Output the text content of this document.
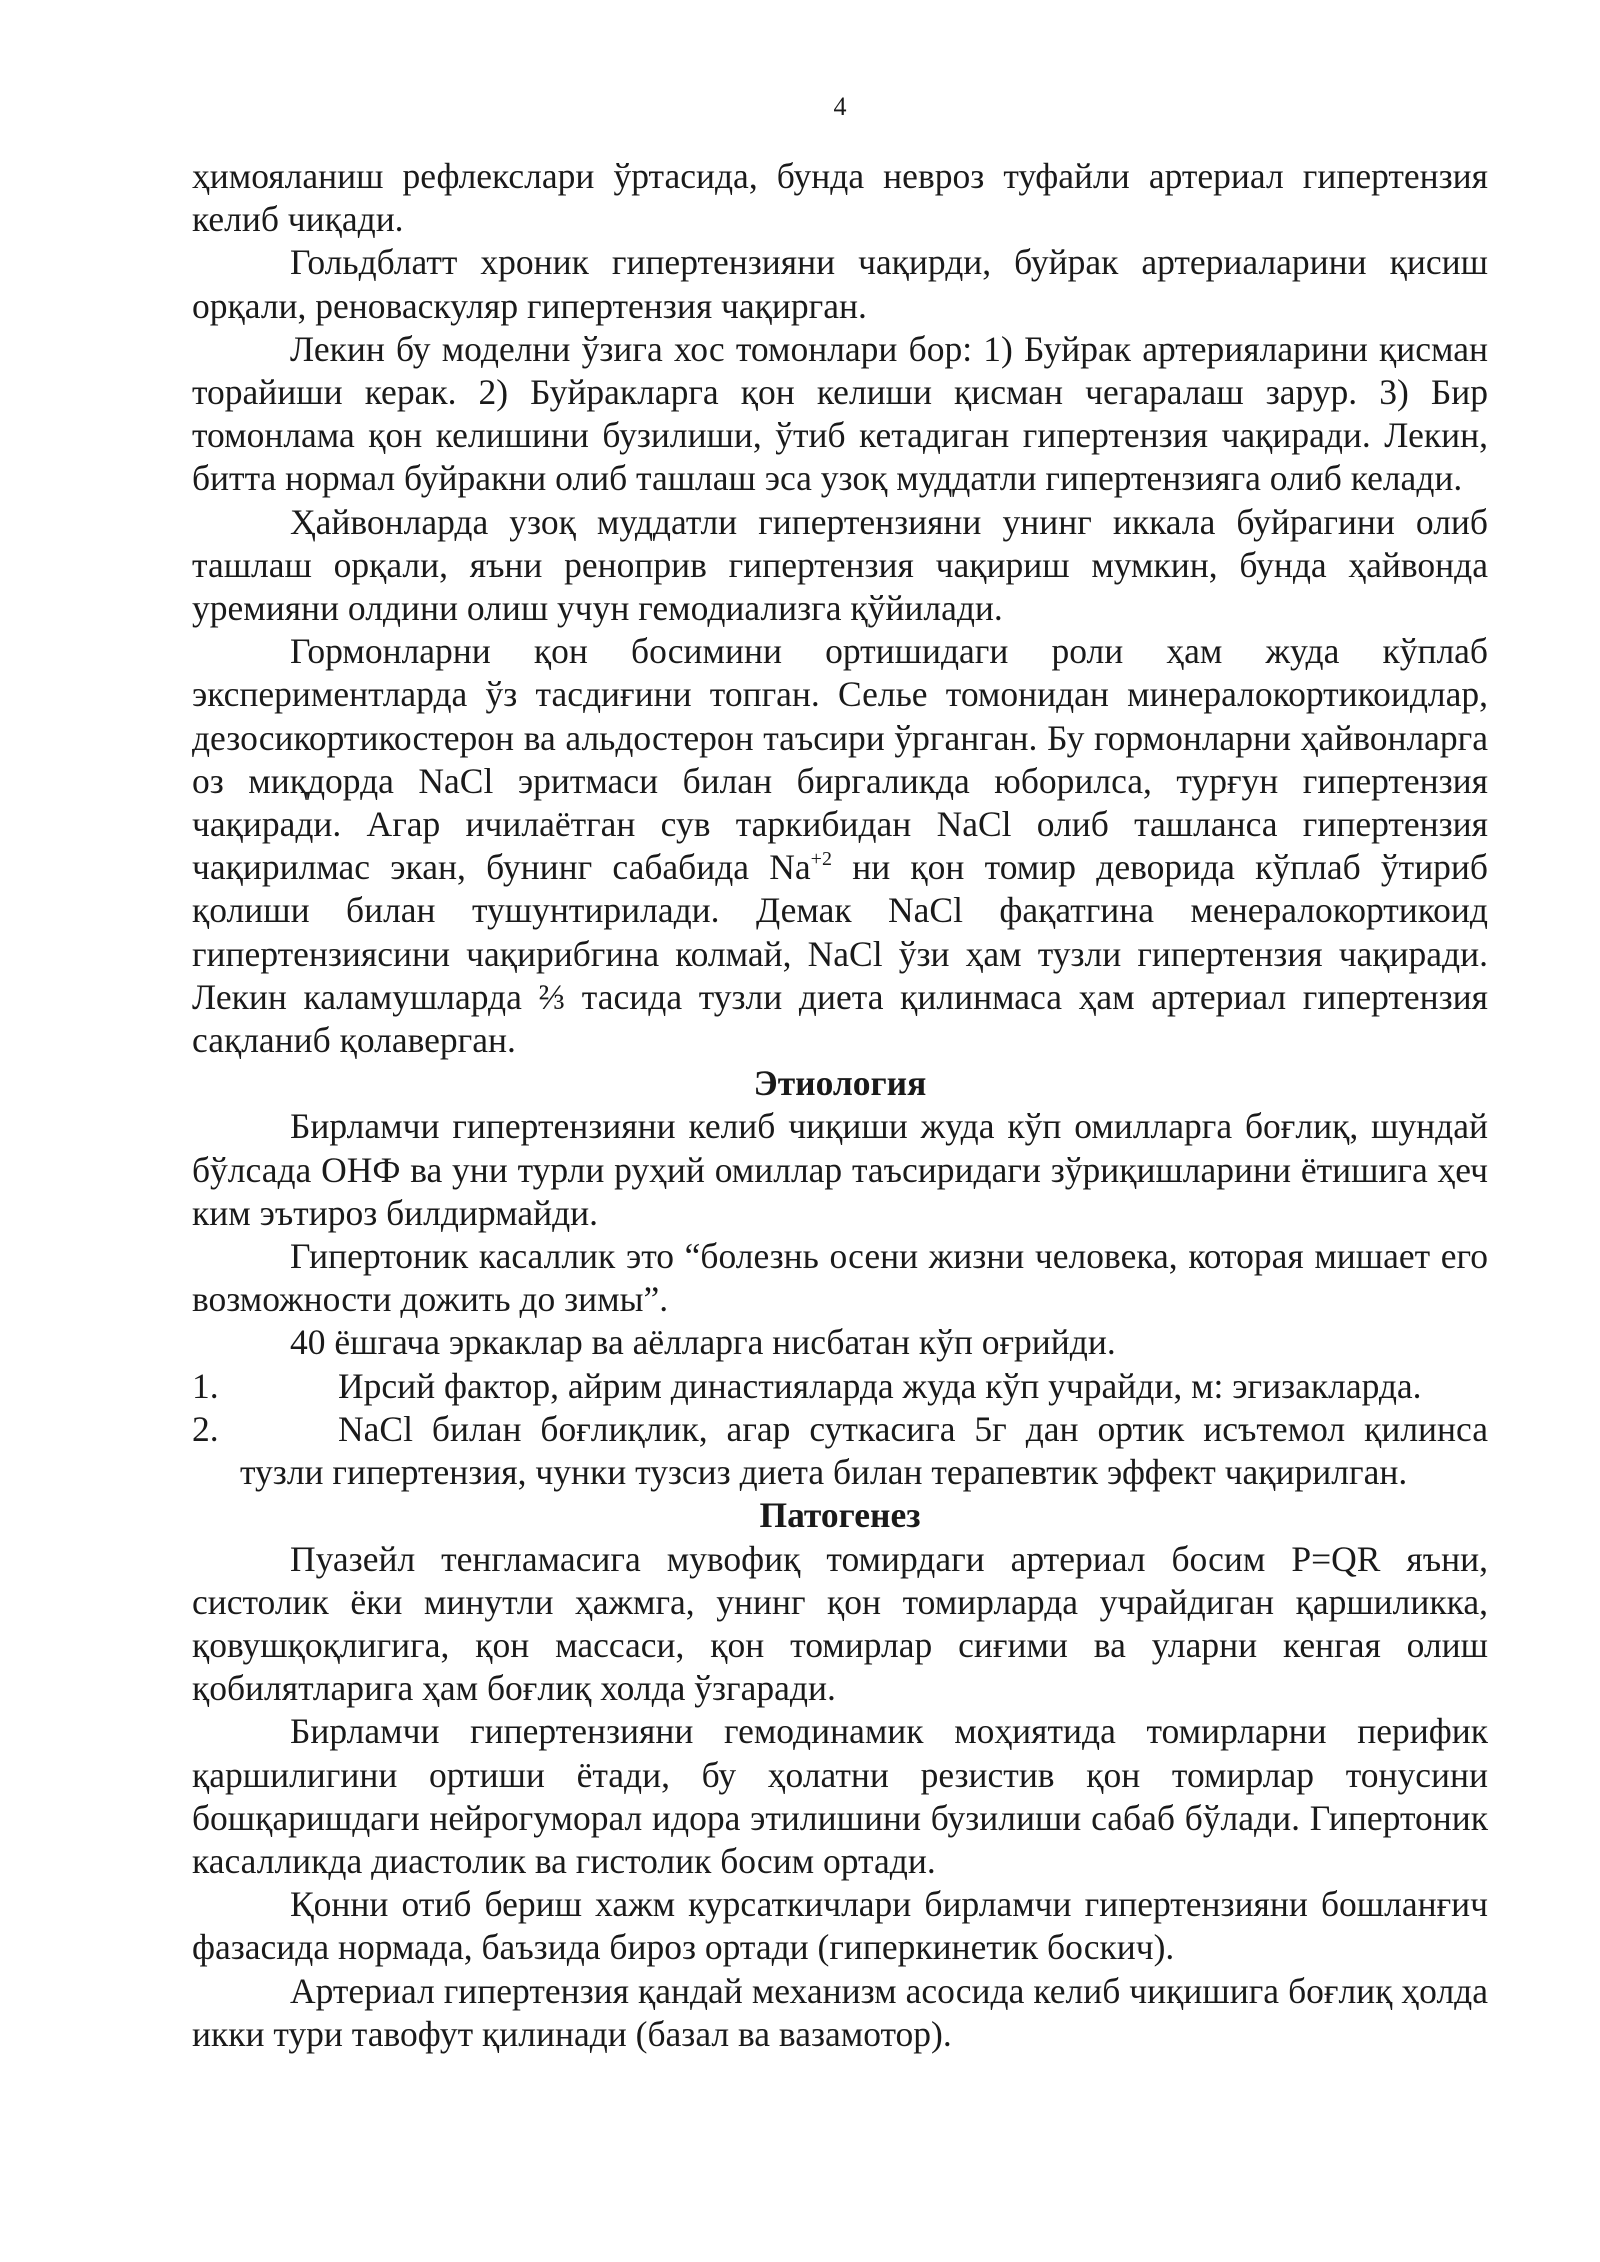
4

ҳимояланиш рефлекслари ўртасида, бунда невроз туфайли артериал гипертензия келиб чиқади.

Гольдблатт хроник гипертензияни чақирди, буйрак артериаларини қисиш орқали, реноваскуляр гипертензия чақирган.

Лекин бу моделни ўзига хос томонлари бор: 1) Буйрак артерияларини қисман торайиши керак. 2) Буйракларга қон келиши қисман чегаралаш зарур. 3) Бир томонлама қон келишини бузилиши, ўтиб кетадиган гипертензия чақиради. Лекин, битта нормал буйракни олиб ташлаш эса узоқ муддатли гипертензияга олиб келади.

Ҳайвонларда узоқ муддатли гипертензияни унинг иккала буйрагини олиб ташлаш орқали, яъни реноприв гипертензия чақириш мумкин, бунда ҳайвонда уремияни олдини олиш учун гемодиализга қўйилади.

Гормонларни қон босимини ортишидаги роли ҳам жуда кўплаб экспериментларда ўз тасдиғини топган. Селье томонидан минералокортикоидлар, дезосикортикостерон ва альдостерон таъсири ўрганган. Бу гормонларни ҳайвонларга оз миқдорда NaCl эритмаси билан биргаликда юборилса, турғун гипертензия чақиради. Агар ичилаётган сув таркибидан NaCl олиб ташланса гипертензия чақирилмас экан, бунинг сабабида $Na^{+2}$ ни қон томир деворида кўплаб ўтириб қолиши билан тушунтирилади. Демак NaCl фақатгина менералокортикоид гипертензиясини чақирибгина колмай, NaCl ўзи ҳам тузли гипертензия чақиради. Лекин каламушларда ⅔ тасида тузли диета қилинмаса ҳам артериал гипертензия сақланиб қолаверган.

Этиология

Бирламчи гипертензияни келиб чиқиши жуда кўп омилларга боғлиқ, шундай бўлсада ОНФ ва уни турли руҳий омиллар таъсиридаги зўриқишларини ётишига ҳеч ким эътироз билдирмайди.

Гипертоник касаллик это “болезнь осени жизни человека, которая мишает его возможности дожить до зимы”.

40 ёшгача эркаклар ва аёлларга нисбатан кўп оғрийди.

1.	Ирсий фактор, айрим династияларда жуда кўп учрайди, м: эгизакларда.
2.	NaCl билан боғлиқлик, агар суткасига 5г дан ортик исътемол қилинса тузли гипертензия, чунки тузсиз диета билан терапевтик эффект чақирилган.
Патогенез

Пуазейл тенгламасига мувофиқ томирдаги артериал босим P=QR яъни, систолик ёки минутли ҳажмга, унинг қон томирларда учрайдиган қаршиликка, қовушқоқлигига, қон массаси, қон томирлар сиғими ва уларни кенгая олиш қобилятларига ҳам боғлиқ холда ўзгаради.

Бирламчи гипертензияни гемодинамик моҳиятида томирларни перифик қаршилигини ортиши ётади, бу ҳолатни резистив қон томирлар тонусини бошқаришдаги нейрогуморал идора этилишини бузилиши сабаб бўлади. Гипертоник касалликда диастолик ва гистолик босим ортади.

Қонни отиб бериш хажм курсаткичлари бирламчи гипертензияни бошланғич фазасида нормада, баъзида бироз ортади (гиперкинетик боскич).

Артериал гипертензия қандай механизм асосида келиб чиқишига боғлиқ ҳолда икки тури тавофут қилинади (базал ва вазамотор).
